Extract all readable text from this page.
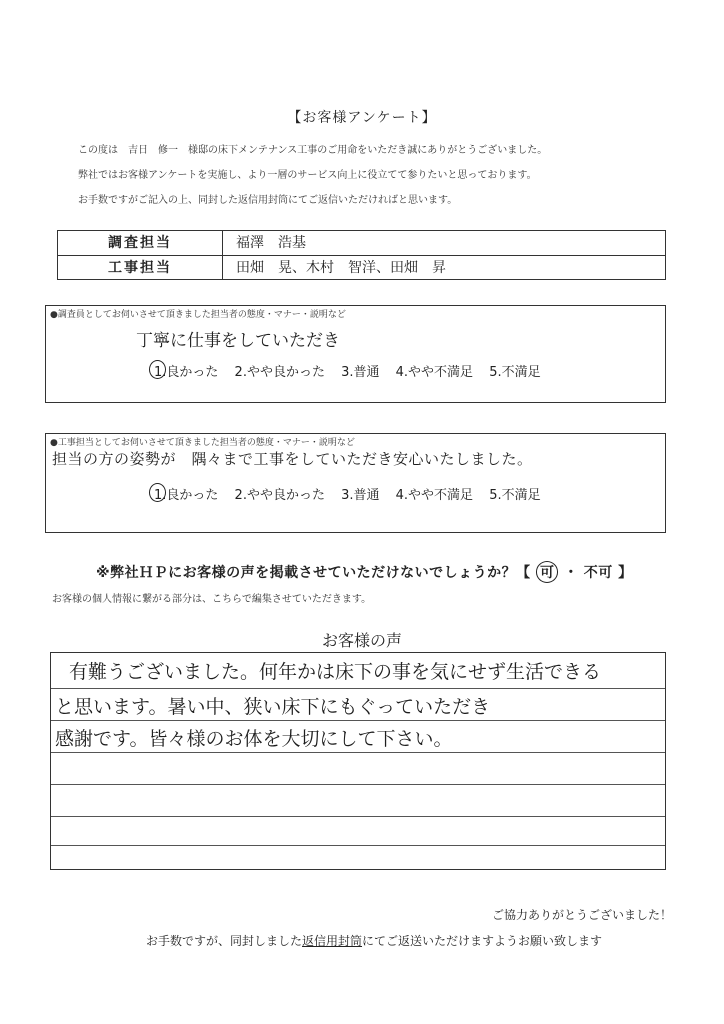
【お客様アンケート】
この度は　吉日　修一　様邸の床下メンテナンス工事のご用命をいただき誠にありがとうございました。
弊社ではお客様アンケートを実施し、より一層のサービス向上に役立てて参りたいと思っております。
お手数ですがご記入の上、同封した返信用封筒にてご返信いただければと思います。
調査担当	福澤　浩基
工事担当	田畑　晃、木村　智洋、田畑　昇
●調査員としてお伺いさせて頂きました担当者の態度・マナー・説明など
丁寧に仕事をしていただき
1.良かった 2.やや良かった 3.普通 4.やや不満足 5.不満足
●工事担当としてお伺いさせて頂きました担当者の態度・マナー・説明など
担当の方の姿勢が　隅々まで工事をしていただき安心いたしました。
1.良かった 2.やや良かった 3.普通 4.やや不満足 5.不満足
※弊社ＨＰにお客様の声を掲載させていただけないでしょうか？【 可 ・ 不可 】
お客様の個人情報に繋がる部分は、こちらで編集させていただきます。
お客様の声
有難うございました。何年かは床下の事を気にせず生活できる
と思います。暑い中、狭い床下にもぐっていただき
感謝です。皆々様のお体を大切にして下さい。
ご協力ありがとうございました！
お手数ですが、同封しました返信用封筒にてご返送いただけますようお願い致します
